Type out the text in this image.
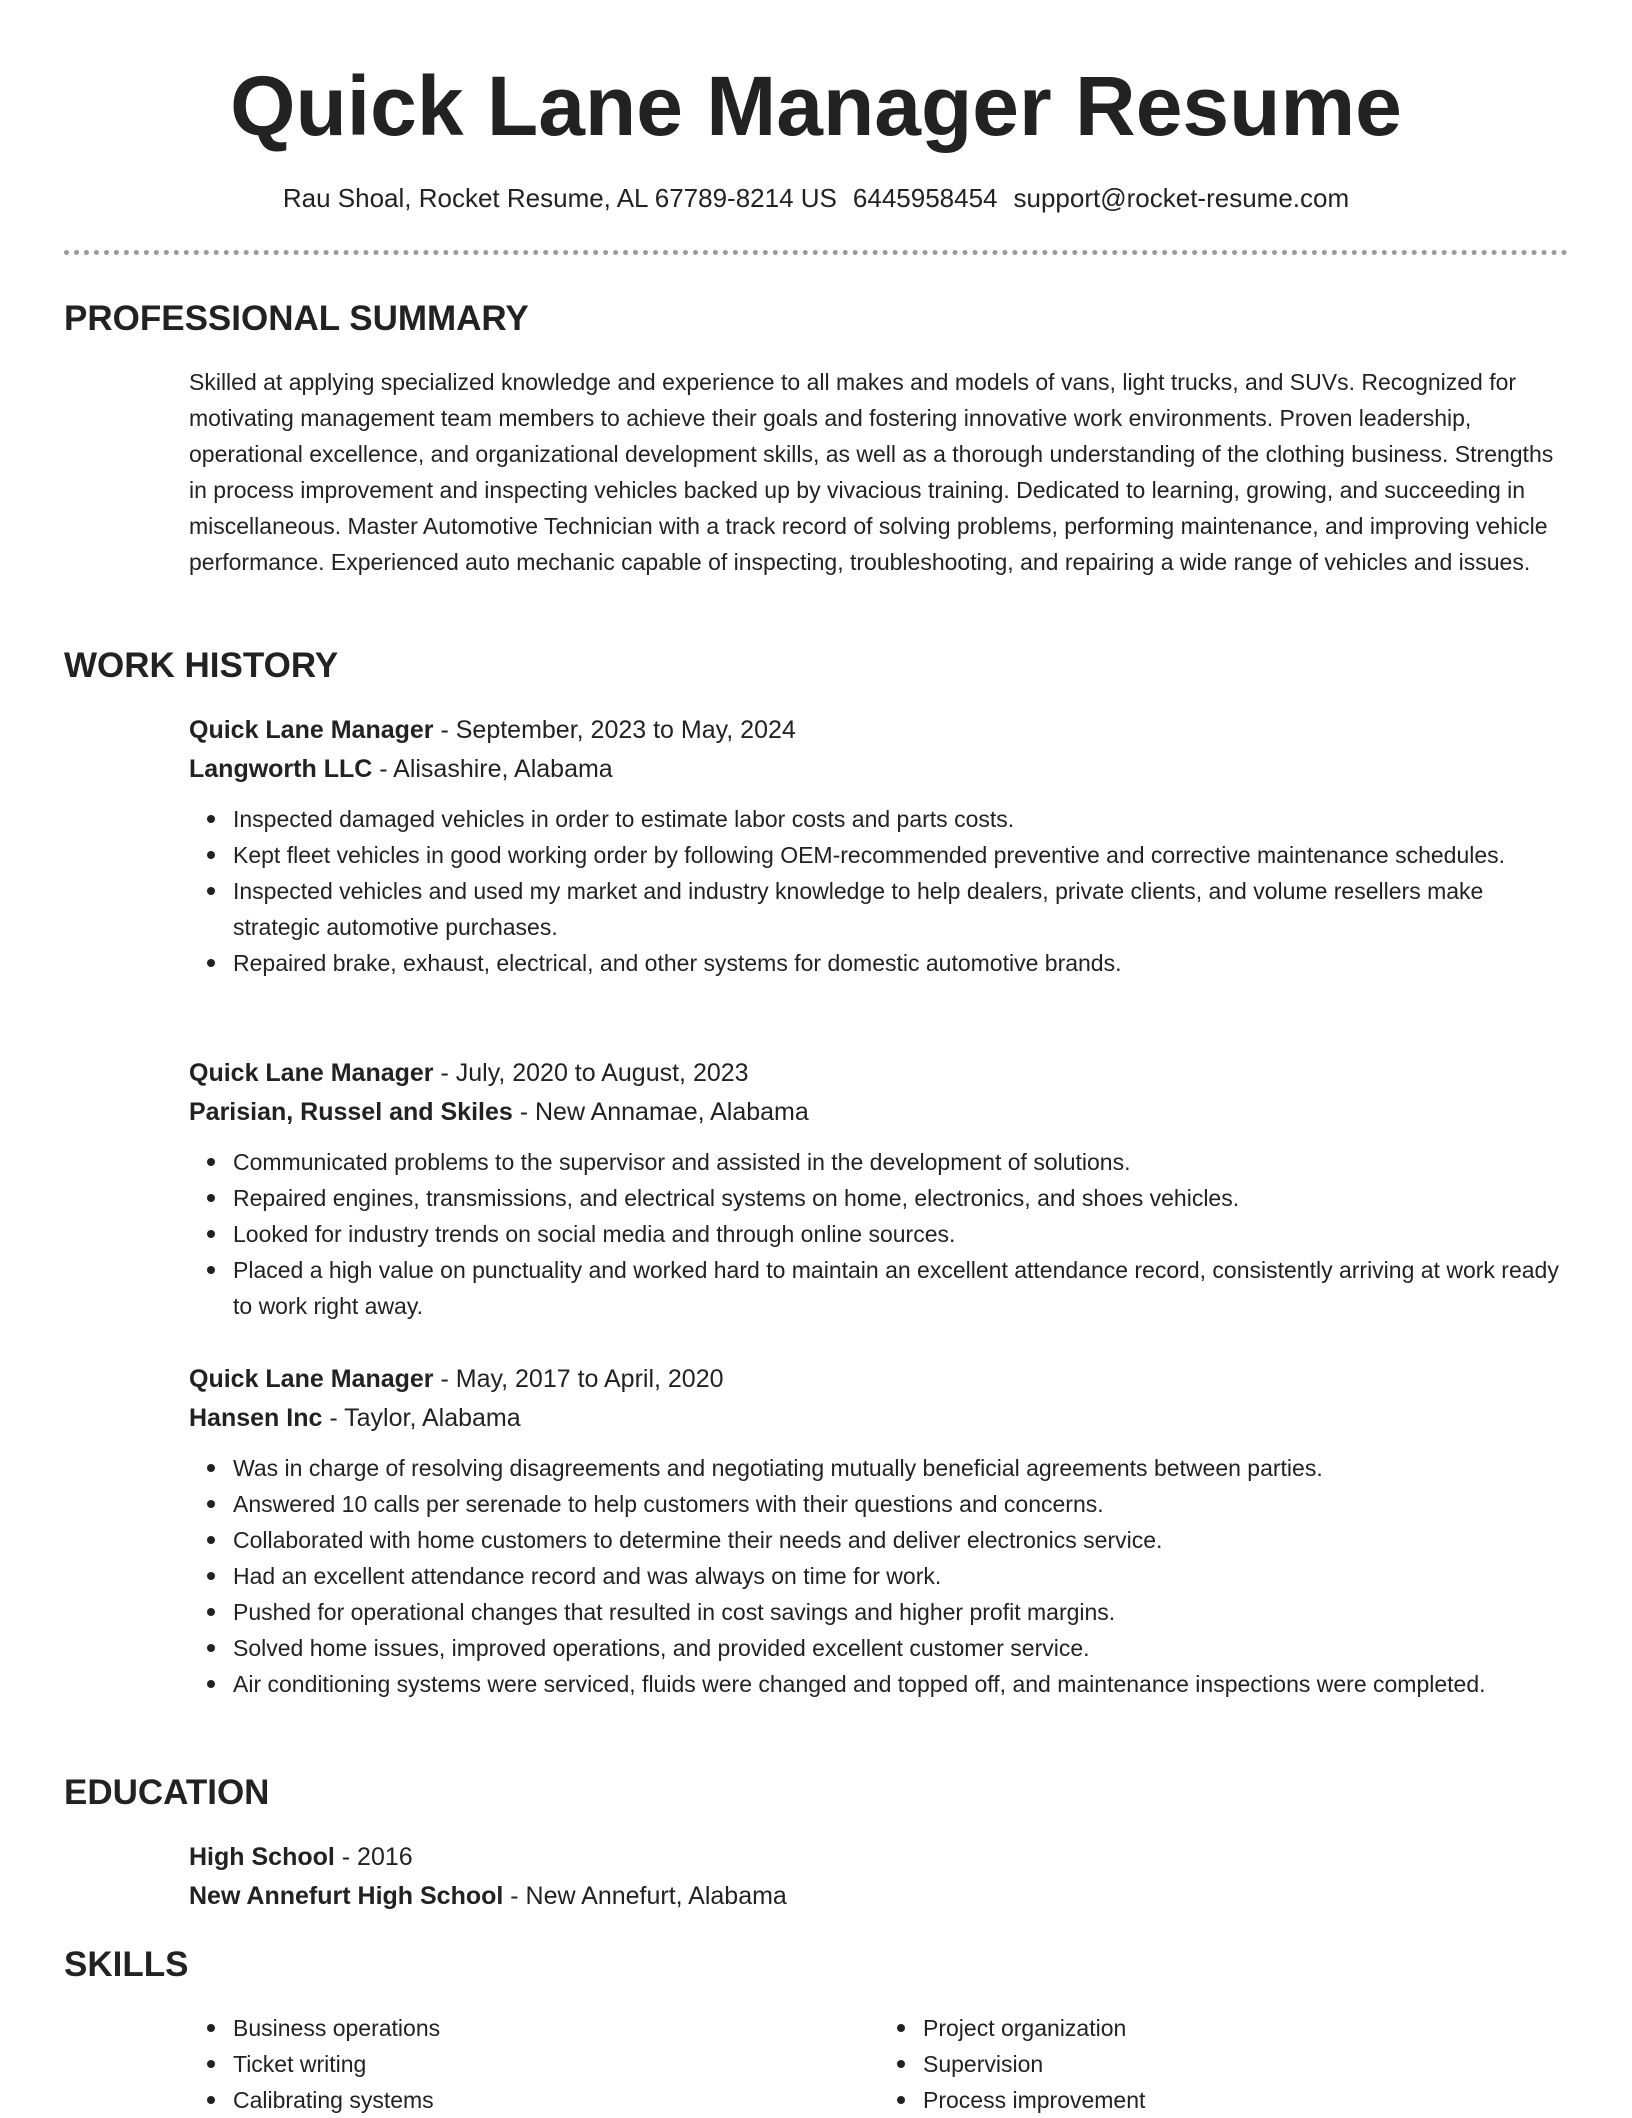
Quick Lane Manager Resume
Rau Shoal, Rocket Resume, AL 67789-8214 US 6445958454 support@rocket-resume.com
PROFESSIONAL SUMMARY
Skilled at applying specialized knowledge and experience to all makes and models of vans, light trucks, and SUVs. Recognized for motivating management team members to achieve their goals and fostering innovative work environments. Proven leadership, operational excellence, and organizational development skills, as well as a thorough understanding of the clothing business. Strengths in process improvement and inspecting vehicles backed up by vivacious training. Dedicated to learning, growing, and succeeding in miscellaneous. Master Automotive Technician with a track record of solving problems, performing maintenance, and improving vehicle performance. Experienced auto mechanic capable of inspecting, troubleshooting, and repairing a wide range of vehicles and issues.
WORK HISTORY
Quick Lane Manager - September, 2023 to May, 2024
Langworth LLC - Alisashire, Alabama
Inspected damaged vehicles in order to estimate labor costs and parts costs.
Kept fleet vehicles in good working order by following OEM-recommended preventive and corrective maintenance schedules.
Inspected vehicles and used my market and industry knowledge to help dealers, private clients, and volume resellers make strategic automotive purchases.
Repaired brake, exhaust, electrical, and other systems for domestic automotive brands.
Quick Lane Manager - July, 2020 to August, 2023
Parisian, Russel and Skiles - New Annamae, Alabama
Communicated problems to the supervisor and assisted in the development of solutions.
Repaired engines, transmissions, and electrical systems on home, electronics, and shoes vehicles.
Looked for industry trends on social media and through online sources.
Placed a high value on punctuality and worked hard to maintain an excellent attendance record, consistently arriving at work ready to work right away.
Quick Lane Manager - May, 2017 to April, 2020
Hansen Inc - Taylor, Alabama
Was in charge of resolving disagreements and negotiating mutually beneficial agreements between parties.
Answered 10 calls per serenade to help customers with their questions and concerns.
Collaborated with home customers to determine their needs and deliver electronics service.
Had an excellent attendance record and was always on time for work.
Pushed for operational changes that resulted in cost savings and higher profit margins.
Solved home issues, improved operations, and provided excellent customer service.
Air conditioning systems were serviced, fluids were changed and topped off, and maintenance inspections were completed.
EDUCATION
High School - 2016
New Annefurt High School - New Annefurt, Alabama
SKILLS
Business operations
Ticket writing
Calibrating systems
Project organization
Supervision
Process improvement
